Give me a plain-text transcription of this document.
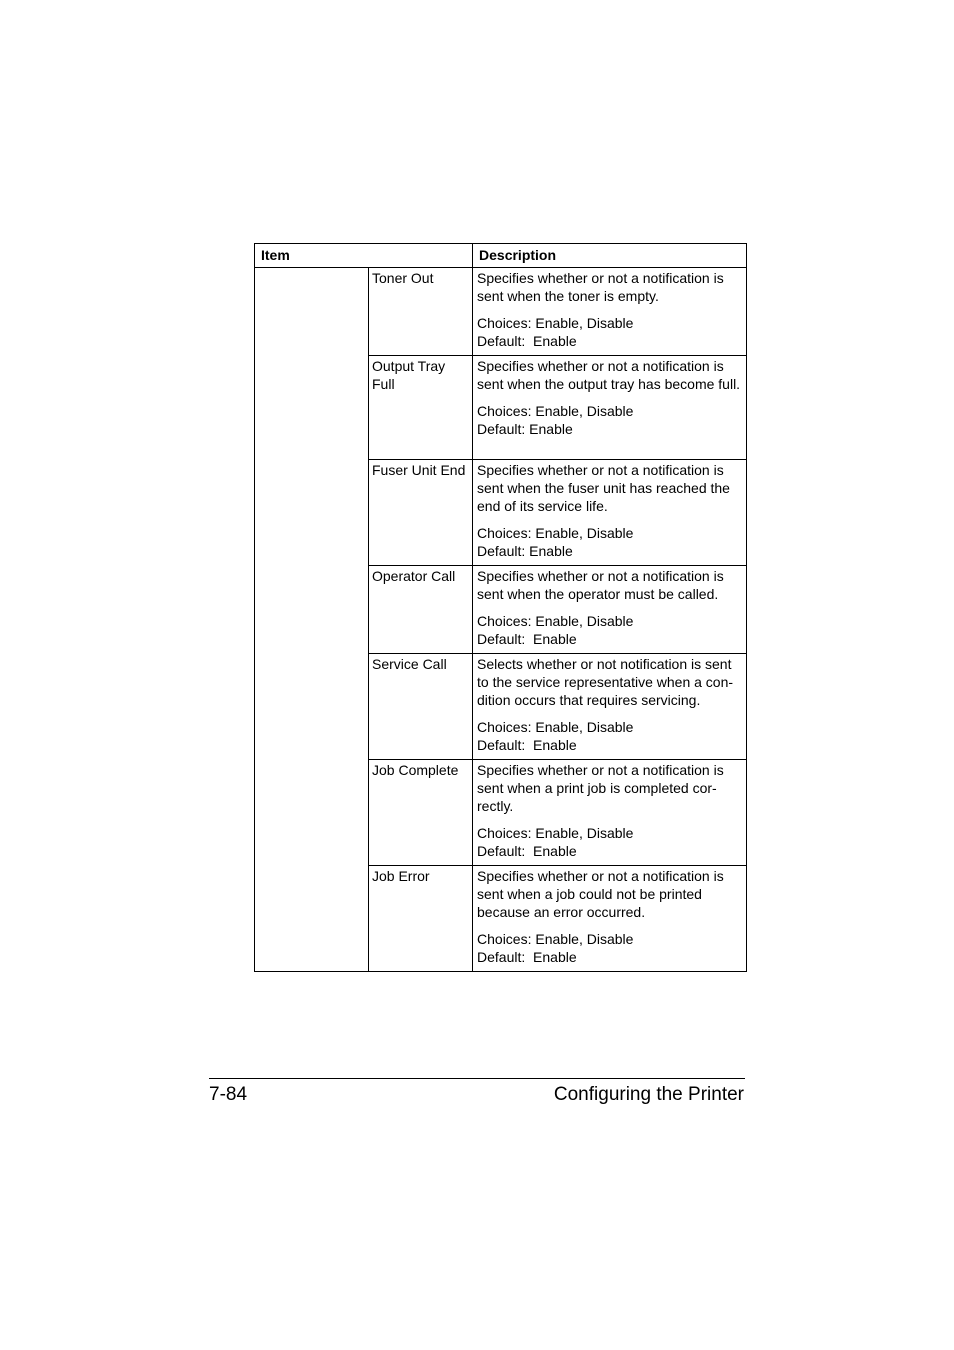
Item		Description
	Toner Out	Specifies whether or not a notification is sent when the toner is empty.

Choices: Enable, Disable

Default:  Enable

	Output Tray Full	Specifies whether or not a notification is sent when the output tray has become full.

Choices: Enable, Disable

Default: Enable

	Fuser Unit End	Specifies whether or not a notification is sent when the fuser unit has reached the end of its service life.

Choices: Enable, Disable

Default: Enable

	Operator Call	Specifies whether or not a notification is sent when the operator must be called.

Choices: Enable, Disable

Default:  Enable

	Service Call	Selects whether or not notification is sent to the service representative when a condition occurs that requires servicing.

Choices: Enable, Disable

Default:  Enable

	Job Complete	Specifies whether or not a notification is sent when a print job is completed correctly.

Choices: Enable, Disable

Default:  Enable

	Job Error	Specifies whether or not a notification is sent when a job could not be printed because an error occurred.

Choices: Enable, Disable

Default:  Enable

7-84	Configuring the Printer
